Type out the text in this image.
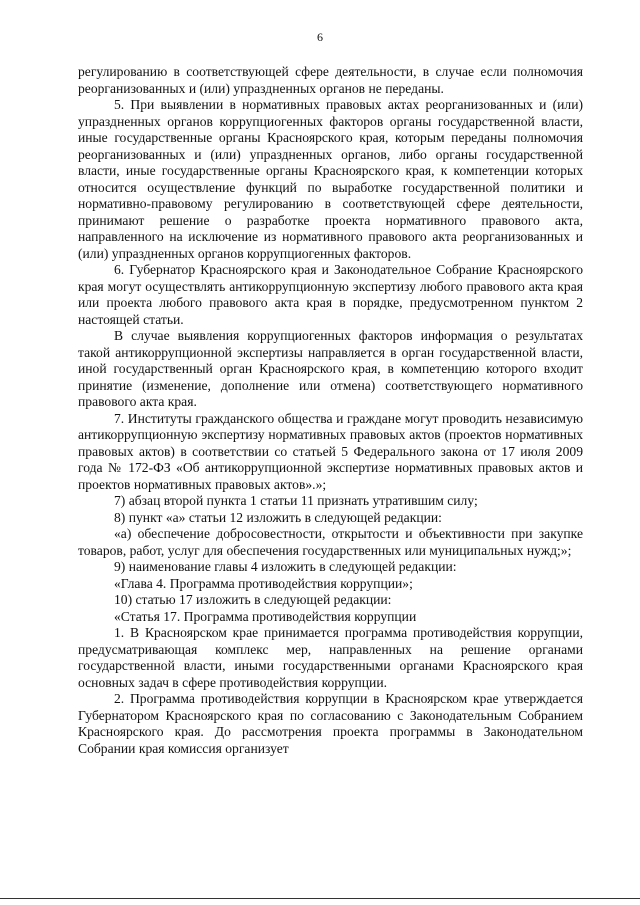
6

регулированию в соответствующей сфере деятельности, в случае если полномочия реорганизованных и (или) упраздненных органов не переданы.

5. При выявлении в нормативных правовых актах реорганизованных и (или) упраздненных органов коррупциогенных факторов органы государственной власти, иные государственные органы Красноярского края, которым переданы полномочия реорганизованных и (или) упраздненных органов, либо органы государственной власти, иные государственные органы Красноярского края, к компетенции которых относится осуществление функций по выработке государственной политики и нормативно-правовому регулированию в соответствующей сфере деятельности, принимают решение о разработке проекта нормативного правового акта, направленного на исключение из нормативного правового акта реорганизованных и (или) упраздненных органов коррупциогенных факторов.

6. Губернатор Красноярского края и Законодательное Собрание Красноярского края могут осуществлять антикоррупционную экспертизу любого правового акта края или проекта любого правового акта края в порядке, предусмотренном пунктом 2 настоящей статьи.

В случае выявления коррупциогенных факторов информация о результатах такой антикоррупционной экспертизы направляется в орган государственной власти, иной государственный орган Красноярского края, в компетенцию которого входит принятие (изменение, дополнение или отмена) соответствующего нормативного правового акта края.

7. Институты гражданского общества и граждане могут проводить независимую антикоррупционную экспертизу нормативных правовых актов (проектов нормативных правовых актов) в соответствии со статьей 5 Федерального закона от 17 июля 2009 года № 172-ФЗ «Об антикоррупционной экспертизе нормативных правовых актов и проектов нормативных правовых актов».»;

7) абзац второй пункта 1 статьи 11 признать утратившим силу;

8) пункт «а» статьи 12 изложить в следующей редакции:

«а) обеспечение добросовестности, открытости и объективности при закупке товаров, работ, услуг для обеспечения государственных или муниципальных нужд;»;

9) наименование главы 4 изложить в следующей редакции:

«Глава 4. Программа противодействия коррупции»;

10) статью 17 изложить в следующей редакции:

«Статья 17. Программа противодействия коррупции

1. В Красноярском крае принимается программа противодействия коррупции, предусматривающая комплекс мер, направленных на решение органами государственной власти, иными государственными органами Красноярского края основных задач в сфере противодействия коррупции.

2. Программа противодействия коррупции в Красноярском крае утверждается Губернатором Красноярского края по согласованию с Законодательным Собранием Красноярского края. До рассмотрения проекта программы в Законодательном Собрании края комиссия организует
